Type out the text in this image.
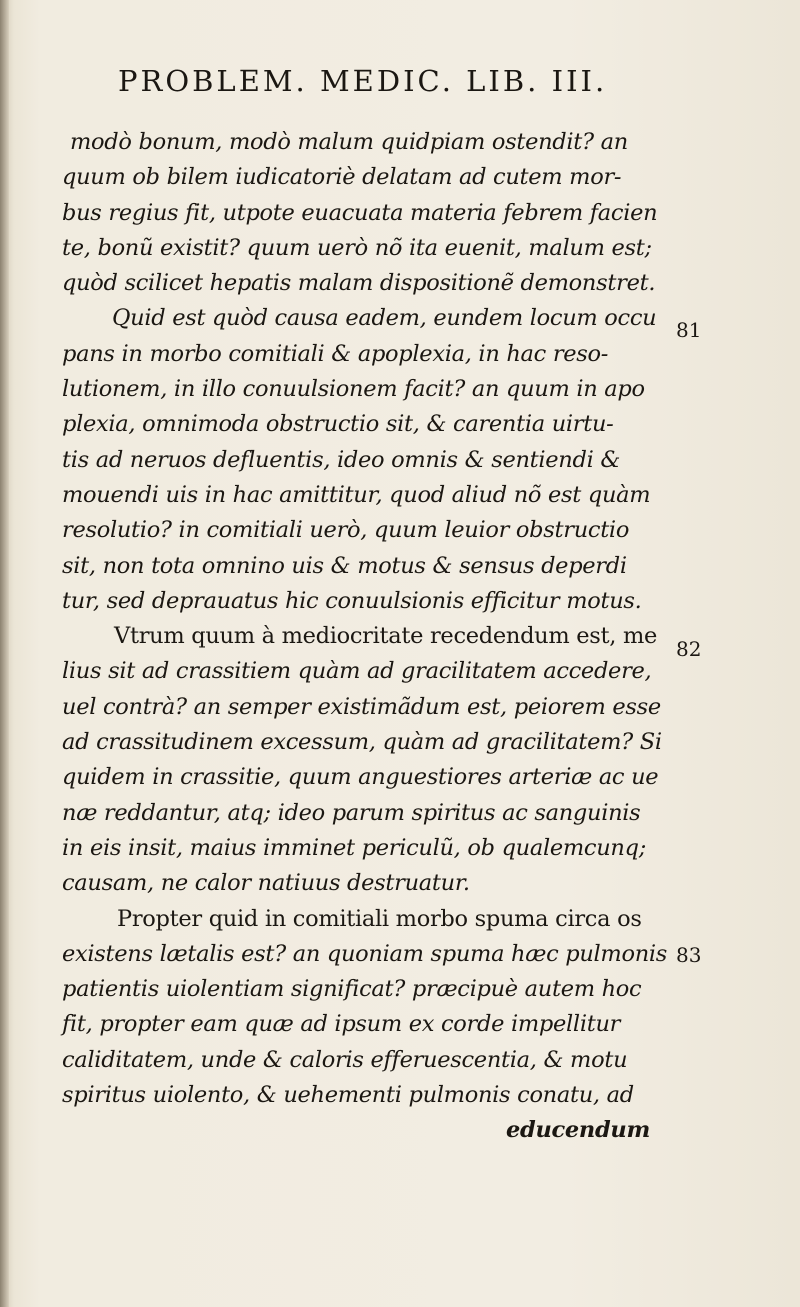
PROBLEM. MEDIC. LIB. III.
modò bonum, modò malum quidpiam ostendit? an
quum ob bilem iudicatoriè delatam ad cutem mor-
bus regius fit, utpote euacuata materia febrem facien
te, bonũ existit? quum uerò nõ ita euenit, malum est;
quòd scilicet hepatis malam dispositionẽ demonstret.
Quid est quòd causa eadem, eundem locum occu
pans in morbo comitiali & apoplexia, in hac reso-
lutionem, in illo conuulsionem facit? an quum in apo
plexia, omnimoda obstructio sit, & carentia uirtu-
tis ad neruos defluentis, ideo omnis & sentiendi &
mouendi uis in hac amittitur, quod aliud nõ est quàm
resolutio? in comitiali uerò, quum leuior obstructio
sit, non tota omnino uis & motus & sensus deperdi
tur, sed deprauatus hic conuulsionis efficitur motus.
Vtrum quum à mediocritate recedendum est, me
lius sit ad crassitiem quàm ad gracilitatem accedere,
uel contrà? an semper existimãdum est, peiorem esse
ad crassitudinem excessum, quàm ad gracilitatem? Si
quidem in crassitie, quum anguestiores arteriæ ac ue
næ reddantur, atq; ideo parum spiritus ac sanguinis
in eis insit, maius imminet periculũ, ob qualemcunq;
causam, ne calor natiuus destruatur.
Propter quid in comitiali morbo spuma circa os
existens lætalis est? an quoniam spuma hæc pulmonis
patientis uiolentiam significat? præcipuè autem hoc
fit, propter eam quæ ad ipsum ex corde impellitur
caliditatem, unde & caloris efferuescentia, & motu
spiritus uiolento, & uehementi pulmonis conatu, ad
educendum
81
82
83
